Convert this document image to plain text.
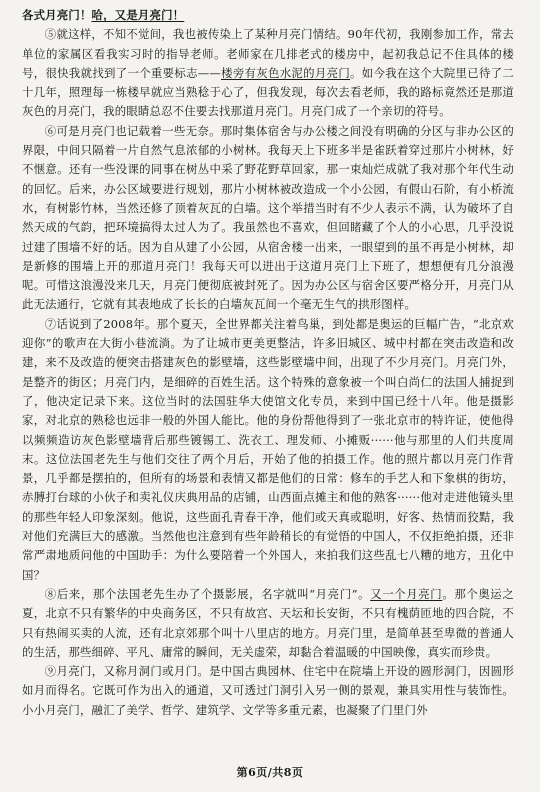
各式月亮门！哈，又是月亮门！

⑤就这样，不知不觉间，我也被传染上了某种月亮门情结。90年代初，我刚参加工作，常去单位的家属区看我实习时的指导老师。老师家在几排老式的楼房中，起初我总记不住具体的楼号，很快我就找到了一个重要标志——楼旁有灰色水泥的月亮门。如今我在这个大院里已待了二十几年，照理每一栋楼早就应当熟稔于心了，但我发现，每次去看老师，我的路标竟然还是那道灰色的月亮门，我的眼睛总忍不住要去找那道月亮门。月亮门成了一个亲切的符号。

⑥可是月亮门也记载着一些无奈。那时集体宿舍与办公楼之间没有明确的分区与非办公区的界限，中间只隔着一片自然气息浓郁的小树林。我每天上下班多半是雀跃着穿过那片小树林，好不惬意。还有一些没课的同事在树丛中采了野花野草回家，那一束灿烂成就了我对那个年代生动的回忆。后来，办公区域要进行规划，那片小树林被改造成一个小公园，有假山石阶，有小桥流水，有树影竹林，当然还修了顶着灰瓦的白墙。这个举措当时有不少人表示不满，认为破坏了自然天成的气韵，把环境搞得太过人为了。我虽然也不喜欢，但回睹藏了个人的小心思，几乎没说过建了围墙不好的话。因为自从建了小公园，从宿舍楼一出来，一眼望到的虽不再是小树林，却是新修的围墙上开的那道月亮门！我每天可以进出于这道月亮门上下班了，想想便有几分浪漫呢。可惜这浪漫没来几天，月亮门便彻底被封死了。因为办公区与宿舍区要严格分开，月亮门从此无法通行，它就有其表地成了长长的白墙灰瓦间一个毫无生气的拱形图样。

⑦话说到了2008年。那个夏天，全世界都关注着鸟巢，到处都是奥运的巨幅广告，“北京欢迎你”的歌声在大街小巷流淌。为了让城市更美更整洁，许多旧城区、城中村都在突击改造和改建，来不及改造的便突击搭建灰色的影壁墙，这些影壁墙中间，出现了不少月亮门。月亮门外，是整齐的街区；月亮门内，是细碎的百姓生活。这个特殊的意象被一个叫白尚仁的法国人捕捉到了，他决定记录下来。这位当时的法国驻华大使馆文化专员，来到中国已经十八年。他是摄影家，对北京的熟稔也远非一般的外国人能比。他的身份帮他得到了一张北京市的特许证，使他得以频频造访灰色影壁墙背后那些镀锡工、洗衣工、理发师、小摊贩······他与那里的人们共度周末。这位法国老先生与他们交往了两个月后，开始了他的拍摄工作。他的照片都以月亮门作背景，几乎都是摆拍的，但所有的场景和表情又都是他们的日常：修车的手艺人和下象棋的街坊，赤膊打台球的小伙子和卖礼仪庆典用品的店铺，山西面点摊主和他的熟客······他对走进他镜头里的那些年轻人印象深刻。他说，这些面孔青春干净，他们或天真或聪明，好客、热情而狡黠，我对他们充满巨大的感激。当然他也注意到有些年龄稍长的有觉悟的中国人，不仅拒绝拍摄，还非常严肃地质问他的中国助手：为什么要陪着一个外国人，来拍我们这些乱七八糟的地方，丑化中国？

⑧后来，那个法国老先生办了个摄影展，名字就叫“月亮门”。又一个月亮门。那个奥运之夏，北京不只有繁华的中央商务区，不只有故宫、天坛和长安街，不只有槐荫匝地的四合院，不只有热闹买卖的人流，还有北京郊那个叫十八里店的地方。月亮门里，是简单甚至卑微的普通人的生活，那些细碎、平凡、庸常的瞬间，无关虚荣，却黏合着温暖的中国映像，真实而珍贵。

⑨月亮门，又称月洞门或月门。是中国古典园林、住宅中在院墙上开设的圆形洞门，因圆形如月而得名。它既可作为出入的通道，又可透过门洞引入另一侧的景观，兼具实用性与装饰性。小小月亮门，融汇了美学、哲学、建筑学、文学等多重元素，也凝聚了门里门外

第6页/共8页
